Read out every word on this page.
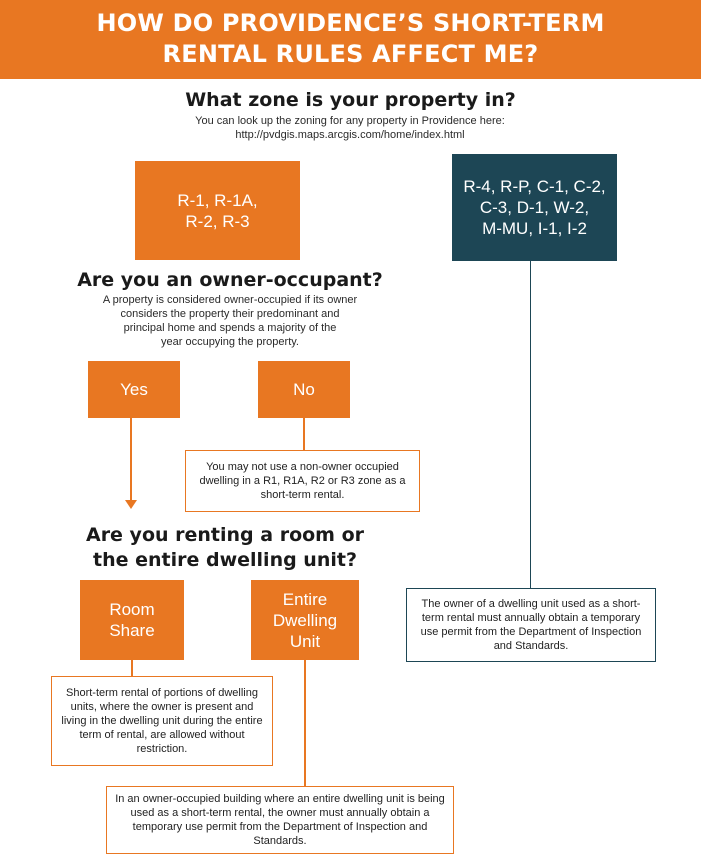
HOW DO PROVIDENCE’S SHORT-TERM
RENTAL RULES AFFECT ME?
What zone is your property in?
You can look up the zoning for any property in Providence here:
http://pvdgis.maps.arcgis.com/home/index.html
R-1, R-1A,
R-2, R-3
R-4, R-P, C-1, C-2,
C-3, D-1, W-2,
M-MU, I-1, I-2
The owner of a dwelling unit used as a short-term rental must annually obtain a temporary use permit from the Department of Inspection and Standards.
Are you an owner-occupant?
A property is considered owner-occupied if its owner
considers the property their predominant and
principal home and spends a majority of the
year occupying the property.
Yes	No
You may not use a non-owner occupied dwelling in a R1, R1A, R2 or R3 zone as a short-term rental.
Are you renting a room or
the entire dwelling unit?
Room
Share
Entire
Dwelling
Unit
Short-term rental of portions of dwelling units, where the owner is present and living in the dwelling unit during the entire term of rental, are allowed without restriction.
In an owner-occupied building where an entire dwelling unit is being used as a short-term rental, the owner must annually obtain a temporary use permit from the Department of Inspection and Standards.
